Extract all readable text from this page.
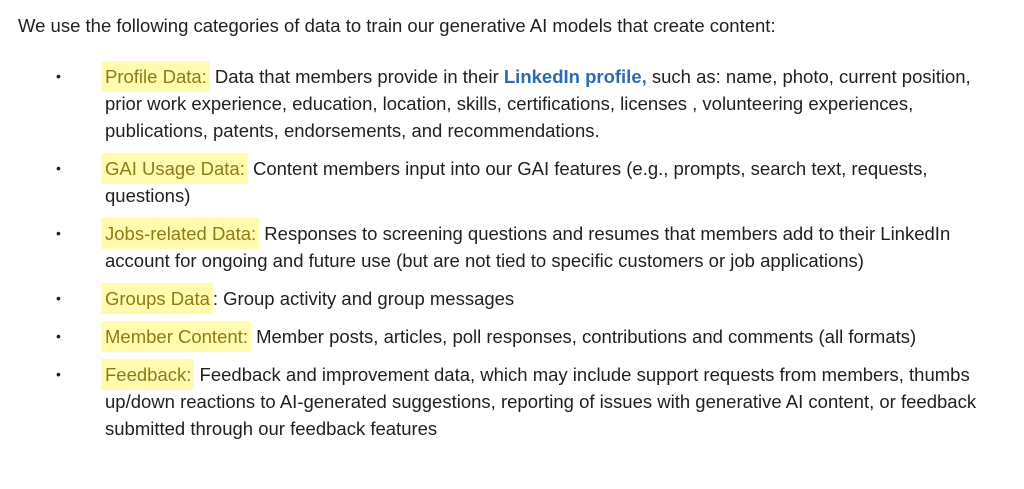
We use the following categories of data to train our generative AI models that create content:
• Profile Data: Data that members provide in their LinkedIn profile, such as: name, photo, current position, prior work experience, education, location, skills, certifications, licenses , volunteering experiences, publications, patents, endorsements, and recommendations.
• GAI Usage Data: Content members input into our GAI features (e.g., prompts, search text, requests, questions)
• Jobs-related Data: Responses to screening questions and resumes that members add to their LinkedIn account for ongoing and future use (but are not tied to specific customers or job applications)
• Groups Data : Group activity and group messages
• Member Content: Member posts, articles, poll responses, contributions and comments (all formats)
• Feedback: Feedback and improvement data, which may include support requests from members, thumbs up/down reactions to AI-generated suggestions, reporting of issues with generative AI content, or feedback submitted through our feedback features
